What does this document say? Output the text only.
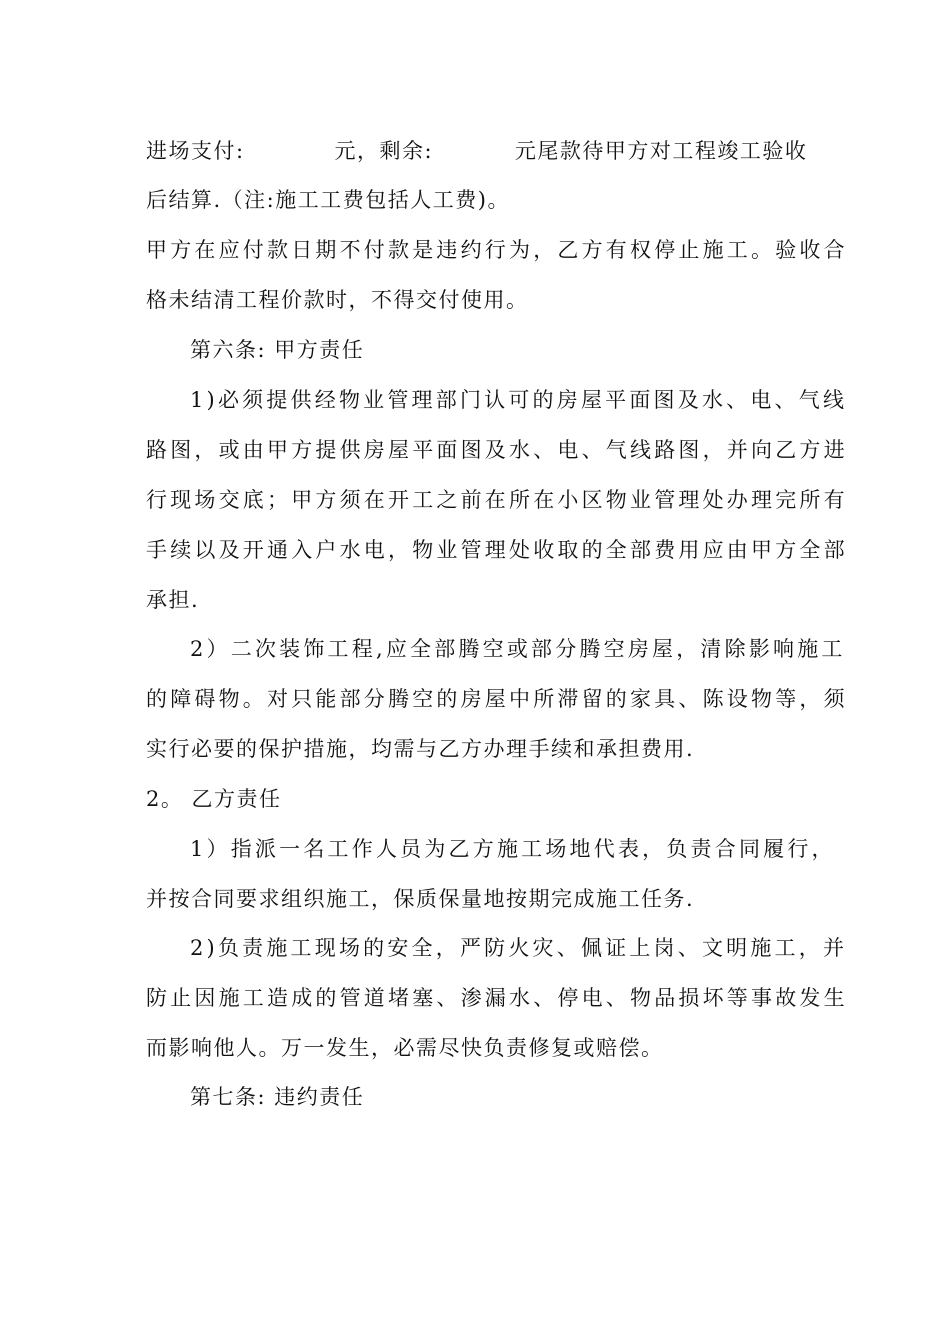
进场支付:           元，剩余:          元尾款待甲方对工程竣工验收
后结算.（注:施工工费包括人工费)。
甲方在应付款日期不付款是违约行为，乙方有权停止施工。验收合
格未结清工程价款时，不得交付使用。
第六条: 甲方责任
1)必须提供经物业管理部门认可的房屋平面图及水、电、气线
路图，或由甲方提供房屋平面图及水、电、气线路图，并向乙方进
行现场交底；甲方须在开工之前在所在小区物业管理处办理完所有
手续以及开通入户水电，物业管理处收取的全部费用应由甲方全部
承担.
2）二次装饰工程,应全部腾空或部分腾空房屋，清除影响施工
的障碍物。对只能部分腾空的房屋中所滞留的家具、陈设物等，须
实行必要的保护措施，均需与乙方办理手续和承担费用.
2。 乙方责任
1）指派一名工作人员为乙方施工场地代表，负责合同履行，
并按合同要求组织施工，保质保量地按期完成施工任务.
2)负责施工现场的安全，严防火灾、佩证上岗、文明施工，并
防止因施工造成的管道堵塞、渗漏水、停电、物品损坏等事故发生
而影响他人。万一发生，必需尽快负责修复或赔偿。
第七条: 违约责任
